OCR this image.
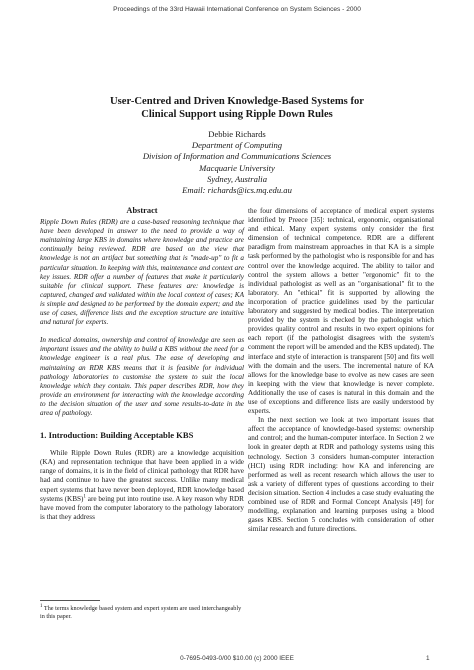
Proceedings of the 33rd Hawaii International Conference on System Sciences - 2000
User-Centred and Driven Knowledge-Based Systems for
Clinical Support using Ripple Down Rules
Debbie Richards
Department of Computing
Division of Information and Communications Sciences
Macquarie University
Sydney, Australia
Email: richards@ics.mq.edu.au
Abstract

Ripple Down Rules (RDR) are a case-based reasoning technique that have been developed in answer to the need to provide a way of maintaining large KBS in domains where knowledge and practice are continually being reviewed. RDR are based on the view that knowledge is not an artifact but something that is "made-up" to fit a particular situation. In keeping with this, maintenance and context are key issues. RDR offer a number of features that make it particularly suitable for clinical support. These features are: knowledge is captured, changed and validated within the local context of cases; KA is simple and designed to be performed by the domain expert; and the use of cases, difference lists and the exception structure are intuitive and natural for experts.

In medical domains, ownership and control of knowledge are seen as important issues and the ability to build a KBS without the need for a knowledge engineer is a real plus. The ease of developing and maintaining an RDR KBS means that it is feasible for individual pathology laboratories to customise the system to suit the local knowledge which they contain. This paper describes RDR, how they provide an environment for interacting with the knowledge according to the decision situation of the user and some results-to-date in the area of pathology.

1. Introduction: Building Acceptable KBS

While Ripple Down Rules (RDR) are a knowledge acquisition (KA) and representation technique that have been applied in a wide range of domains, it is in the field of clinical pathology that RDR have had and continue to have the greatest success. Unlike many medical expert systems that have never been deployed, RDR knowledge based systems (KBS)$^1$ are being put into routine use. A key reason why RDR have moved from the computer laboratory to the pathology laboratory is that they address

the four dimensions of acceptance of medical expert systems identified by Preece [35]: technical, ergonomic, organisational and ethical. Many expert systems only consider the first dimension of technical competence. RDR are a different paradigm from mainstream approaches in that KA is a simple task performed by the pathologist who is responsible for and has control over the knowledge acquired. The ability to tailor and control the system allows a better "ergonomic" fit to the individual pathologist as well as an "organisational" fit to the laboratory. An "ethical" fit is supported by allowing the incorporation of practice guidelines used by the particular laboratory and suggested by medical bodies. The interpretation provided by the system is checked by the pathologist which provides quality control and results in two expert opinions for each report (if the pathologist disagrees with the system's comment the report will be amended and the KBS updated). The interface and style of interaction is transparent [50] and fits well with the domain and the users. The incremental nature of KA allows for the knowledge base to evolve as new cases are seen in keeping with the view that knowledge is never complete. Additionally the use of cases is natural in this domain and the use of exceptions and difference lists are easily understood by experts.

In the next section we look at two important issues that affect the acceptance of knowledge-based systems: ownership and control; and the human-computer interface. In Section 2 we look in greater depth at RDR and pathology systems using this technology. Section 3 considers human-computer interaction (HCI) using RDR including: how KA and inferencing are performed as well as recent research which allows the user to ask a variety of different types of questions according to their decision situation. Section 4 includes a case study evaluating the combined use of RDR and Formal Concept Analysis [49] for modelling, explanation and learning purposes using a blood gases KBS. Section 5 concludes with consideration of other similar research and future directions.

$^1$ The terms knowledge based system and expert system are used interchangeably in this paper.
0-7695-0493-0/00 $10.00 (c) 2000 IEEE	1
